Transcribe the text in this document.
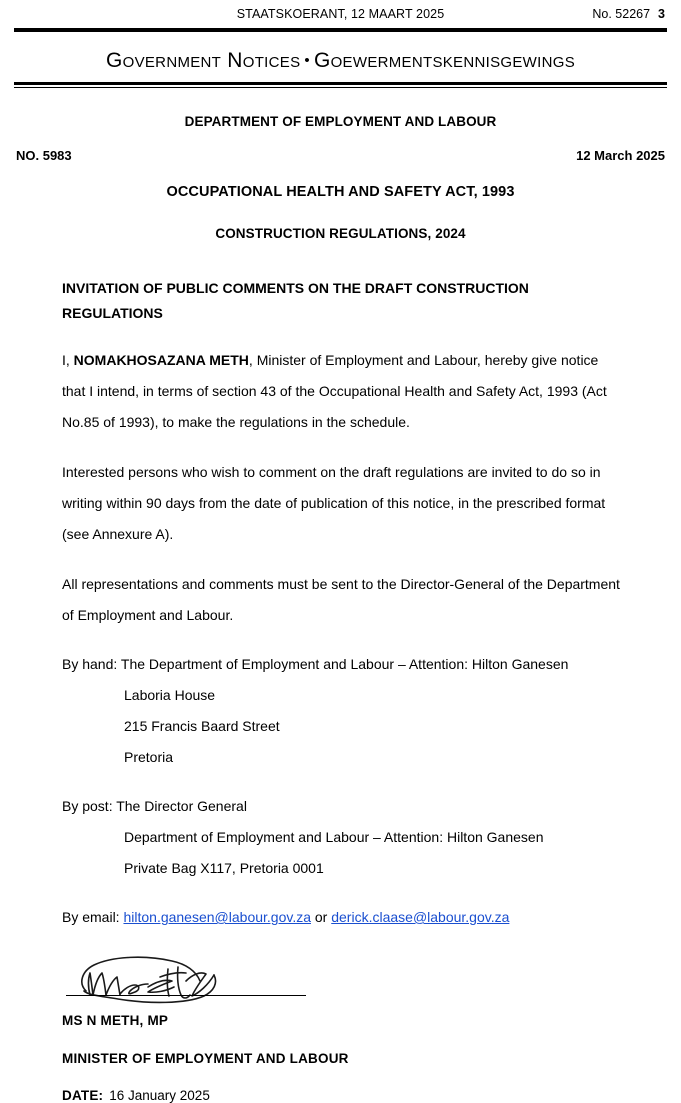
STAATSKOERANT, 12 MAART 2025	No. 52267 3
Government Notices • Goewermentskennisgewings
DEPARTMENT OF EMPLOYMENT AND LABOUR
NO. 5983	12 March 2025
OCCUPATIONAL HEALTH AND SAFETY ACT, 1993
CONSTRUCTION REGULATIONS, 2024
INVITATION OF PUBLIC COMMENTS ON THE DRAFT CONSTRUCTION REGULATIONS

I, NOMAKHOSAZANA METH, Minister of Employment and Labour, hereby give notice that I intend, in terms of section 43 of the Occupational Health and Safety Act, 1993 (Act No.85 of 1993), to make the regulations in the schedule.

Interested persons who wish to comment on the draft regulations are invited to do so in writing within 90 days from the date of publication of this notice, in the prescribed format (see Annexure A).

All representations and comments must be sent to the Director-General of the Department of Employment and Labour.

By hand: The Department of Employment and Labour – Attention: Hilton Ganesen
Laboria House
215 Francis Baard Street
Pretoria
By post: The Director General
Department of Employment and Labour – Attention: Hilton Ganesen
Private Bag X117, Pretoria 0001
By email: hilton.ganesen@labour.gov.za or derick.claase@labour.gov.za
MS N METH, MP
MINISTER OF EMPLOYMENT AND LABOUR
DATE: 16 January 2025
